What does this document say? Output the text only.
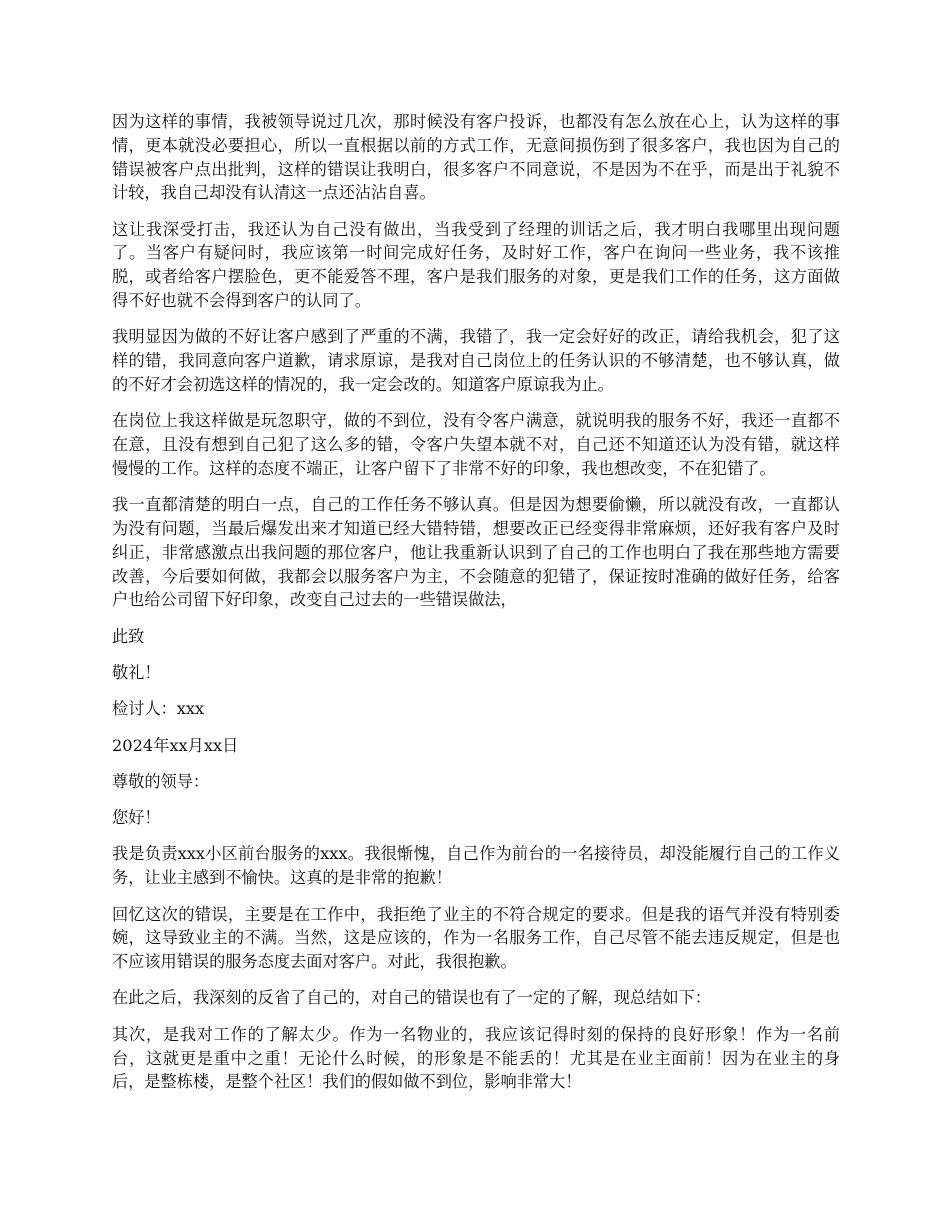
因为这样的事情，我被领导说过几次，那时候没有客户投诉，也都没有怎么放在心上，认为这样的事情，更本就没必要担心，所以一直根据以前的方式工作，无意间损伤到了很多客户，我也因为自己的错误被客户点出批判，这样的错误让我明白，很多客户不同意说，不是因为不在乎，而是出于礼貌不计较，我自己却没有认清这一点还沾沾自喜。

这让我深受打击，我还认为自己没有做出，当我受到了经理的训话之后，我才明白我哪里出现问题了。当客户有疑问时，我应该第一时间完成好任务，及时好工作，客户在询问一些业务，我不该推脱，或者给客户摆脸色，更不能爱答不理，客户是我们服务的对象，更是我们工作的任务，这方面做得不好也就不会得到客户的认同了。

我明显因为做的不好让客户感到了严重的不满，我错了，我一定会好好的改正，请给我机会，犯了这样的错，我同意向客户道歉，请求原谅，是我对自己岗位上的任务认识的不够清楚，也不够认真，做的不好才会初选这样的情况的，我一定会改的。知道客户原谅我为止。

在岗位上我这样做是玩忽职守，做的不到位，没有令客户满意，就说明我的服务不好，我还一直都不在意，且没有想到自己犯了这么多的错，令客户失望本就不对，自己还不知道还认为没有错，就这样慢慢的工作。这样的态度不端正，让客户留下了非常不好的印象，我也想改变，不在犯错了。

我一直都清楚的明白一点，自己的工作任务不够认真。但是因为想要偷懒，所以就没有改，一直都认为没有问题，当最后爆发出来才知道已经大错特错，想要改正已经变得非常麻烦，还好我有客户及时纠正，非常感激点出我问题的那位客户，他让我重新认识到了自己的工作也明白了我在那些地方需要改善，今后要如何做，我都会以服务客户为主，不会随意的犯错了，保证按时准确的做好任务，给客户也给公司留下好印象，改变自己过去的一些错误做法，

此致

敬礼！

检讨人：xxx

2024年xx月xx日

尊敬的领导：

您好！

我是负责xxx小区前台服务的xxx。我很惭愧，自己作为前台的一名接待员，却没能履行自己的工作义务，让业主感到不愉快。这真的是非常的抱歉！

回忆这次的错误，主要是在工作中，我拒绝了业主的不符合规定的要求。但是我的语气并没有特别委婉，这导致业主的不满。当然，这是应该的，作为一名服务工作，自己尽管不能去违反规定，但是也不应该用错误的服务态度去面对客户。对此，我很抱歉。

在此之后，我深刻的反省了自己的，对自己的错误也有了一定的了解，现总结如下：

其次，是我对工作的了解太少。作为一名物业的，我应该记得时刻的保持的良好形象！作为一名前台，这就更是重中之重！无论什么时候，的形象是不能丢的！尤其是在业主面前！因为在业主的身后，是整栋楼，是整个社区！我们的假如做不到位，影响非常大！
